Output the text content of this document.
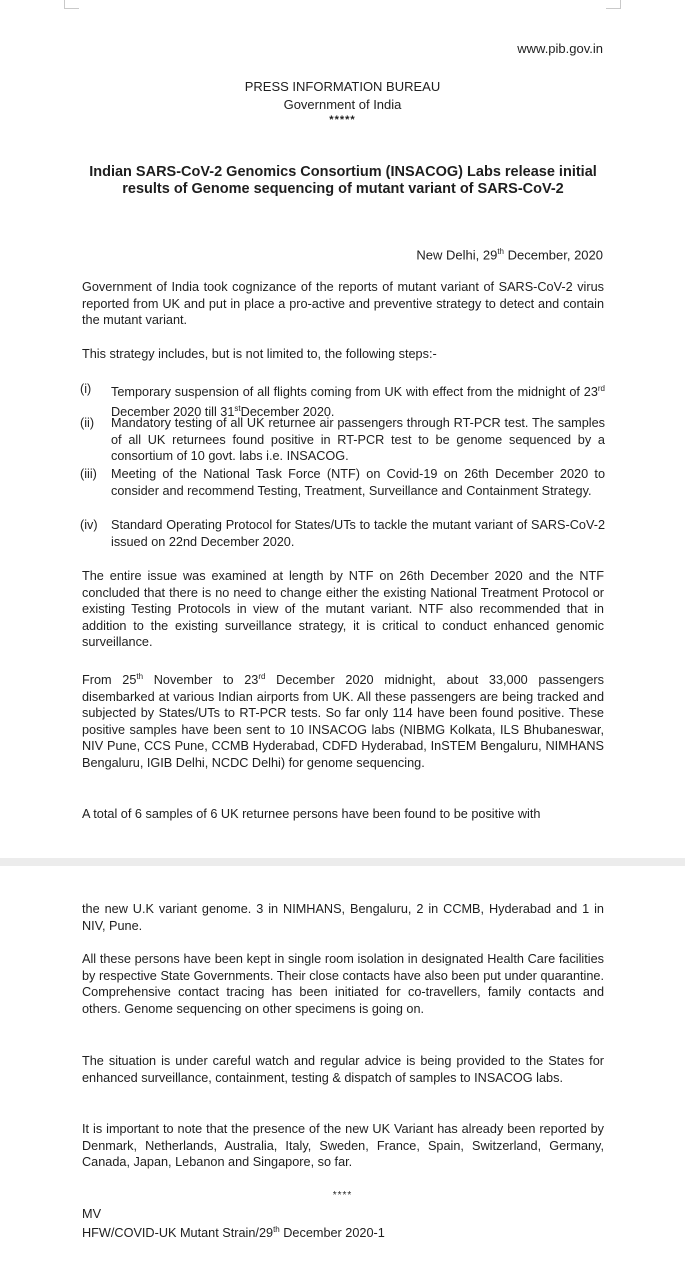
www.pib.gov.in
PRESS INFORMATION BUREAU
Government of India
*****
Indian SARS-CoV-2 Genomics Consortium (INSACOG) Labs release initial results of Genome sequencing of mutant variant of SARS-CoV-2
New Delhi, 29th December, 2020
Government of India took cognizance of the reports of mutant variant of SARS-CoV-2 virus reported from UK and put in place a pro-active and preventive strategy to detect and contain the mutant variant.
This strategy includes, but is not limited to, the following steps:-
(i) Temporary suspension of all flights coming from UK with effect from the midnight of 23rd December 2020 till 31stDecember 2020.
(ii) Mandatory testing of all UK returnee air passengers through RT-PCR test. The samples of all UK returnees found positive in RT-PCR test to be genome sequenced by a consortium of 10 govt. labs i.e. INSACOG.
(iii) Meeting of the National Task Force (NTF) on Covid-19 on 26th December 2020 to consider and recommend Testing, Treatment, Surveillance and Containment Strategy.
(iv) Standard Operating Protocol for States/UTs to tackle the mutant variant of SARS-CoV-2 issued on 22nd December 2020.
The entire issue was examined at length by NTF on 26th December 2020 and the NTF concluded that there is no need to change either the existing National Treatment Protocol or existing Testing Protocols in view of the mutant variant. NTF also recommended that in addition to the existing surveillance strategy, it is critical to conduct enhanced genomic surveillance.
From 25th November to 23rd December 2020 midnight, about 33,000 passengers disembarked at various Indian airports from UK. All these passengers are being tracked and subjected by States/UTs to RT-PCR tests. So far only 114 have been found positive. These positive samples have been sent to 10 INSACOG labs (NIBMG Kolkata, ILS Bhubaneswar, NIV Pune, CCS Pune, CCMB Hyderabad, CDFD Hyderabad, InSTEM Bengaluru, NIMHANS Bengaluru, IGIB Delhi, NCDC Delhi) for genome sequencing.
A total of 6 samples of 6 UK returnee persons have been found to be positive with
the new U.K variant genome. 3 in NIMHANS, Bengaluru, 2 in CCMB, Hyderabad and 1 in NIV, Pune.
All these persons have been kept in single room isolation in designated Health Care facilities by respective State Governments. Their close contacts have also been put under quarantine. Comprehensive contact tracing has been initiated for co-travellers, family contacts and others. Genome sequencing on other specimens is going on.
The situation is under careful watch and regular advice is being provided to the States for enhanced surveillance, containment, testing & dispatch of samples to INSACOG labs.
It is important to note that the presence of the new UK Variant has already been reported by Denmark, Netherlands, Australia, Italy, Sweden, France, Spain, Switzerland, Germany, Canada, Japan, Lebanon and Singapore, so far.
****
MV
HFW/COVID-UK Mutant Strain/29th December 2020-1
